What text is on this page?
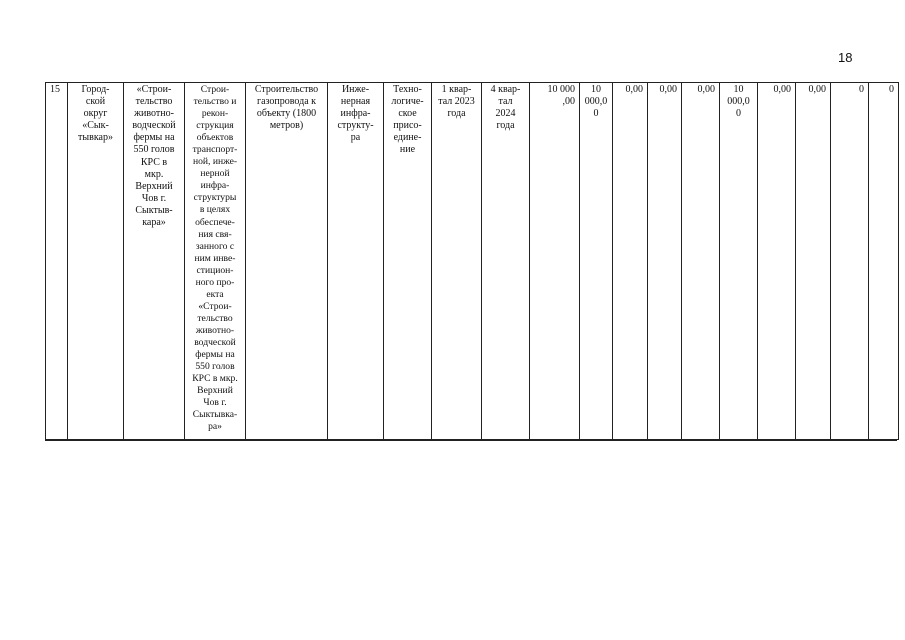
18
15	Город-
ской
округ
«Сык-
тывкар»	«Строи-
тельство
животно-
водческой
фермы на
550 голов
КРС в
мкр.
Верхний
Чов г.
Сыктыв-
кара»	Строи-
тельство и
рекон-
струкция
объектов
транспорт-
ной, инже-
нерной
инфра-
структуры
в целях
обеспече-
ния свя-
занного с
ним инве-
стицион-
ного про-
екта
«Строи-
тельство
животно-
водческой
фермы на
550 голов
КРС в мкр.
Верхний
Чов г.
Сыктывка-
ра»	Строительство
газопровода к
объекту (1800
метров)	Инже-
нерная
инфра-
структу-
ра	Техно-
логиче-
ское
присо-
едине-
ние	1 квар-
тал 2023
года	4 квар-
тал
2024
года	10 000
,00	10
000,0
0	0,00	0,00	0,00	10
000,0
0	0,00	0,00	0	0
